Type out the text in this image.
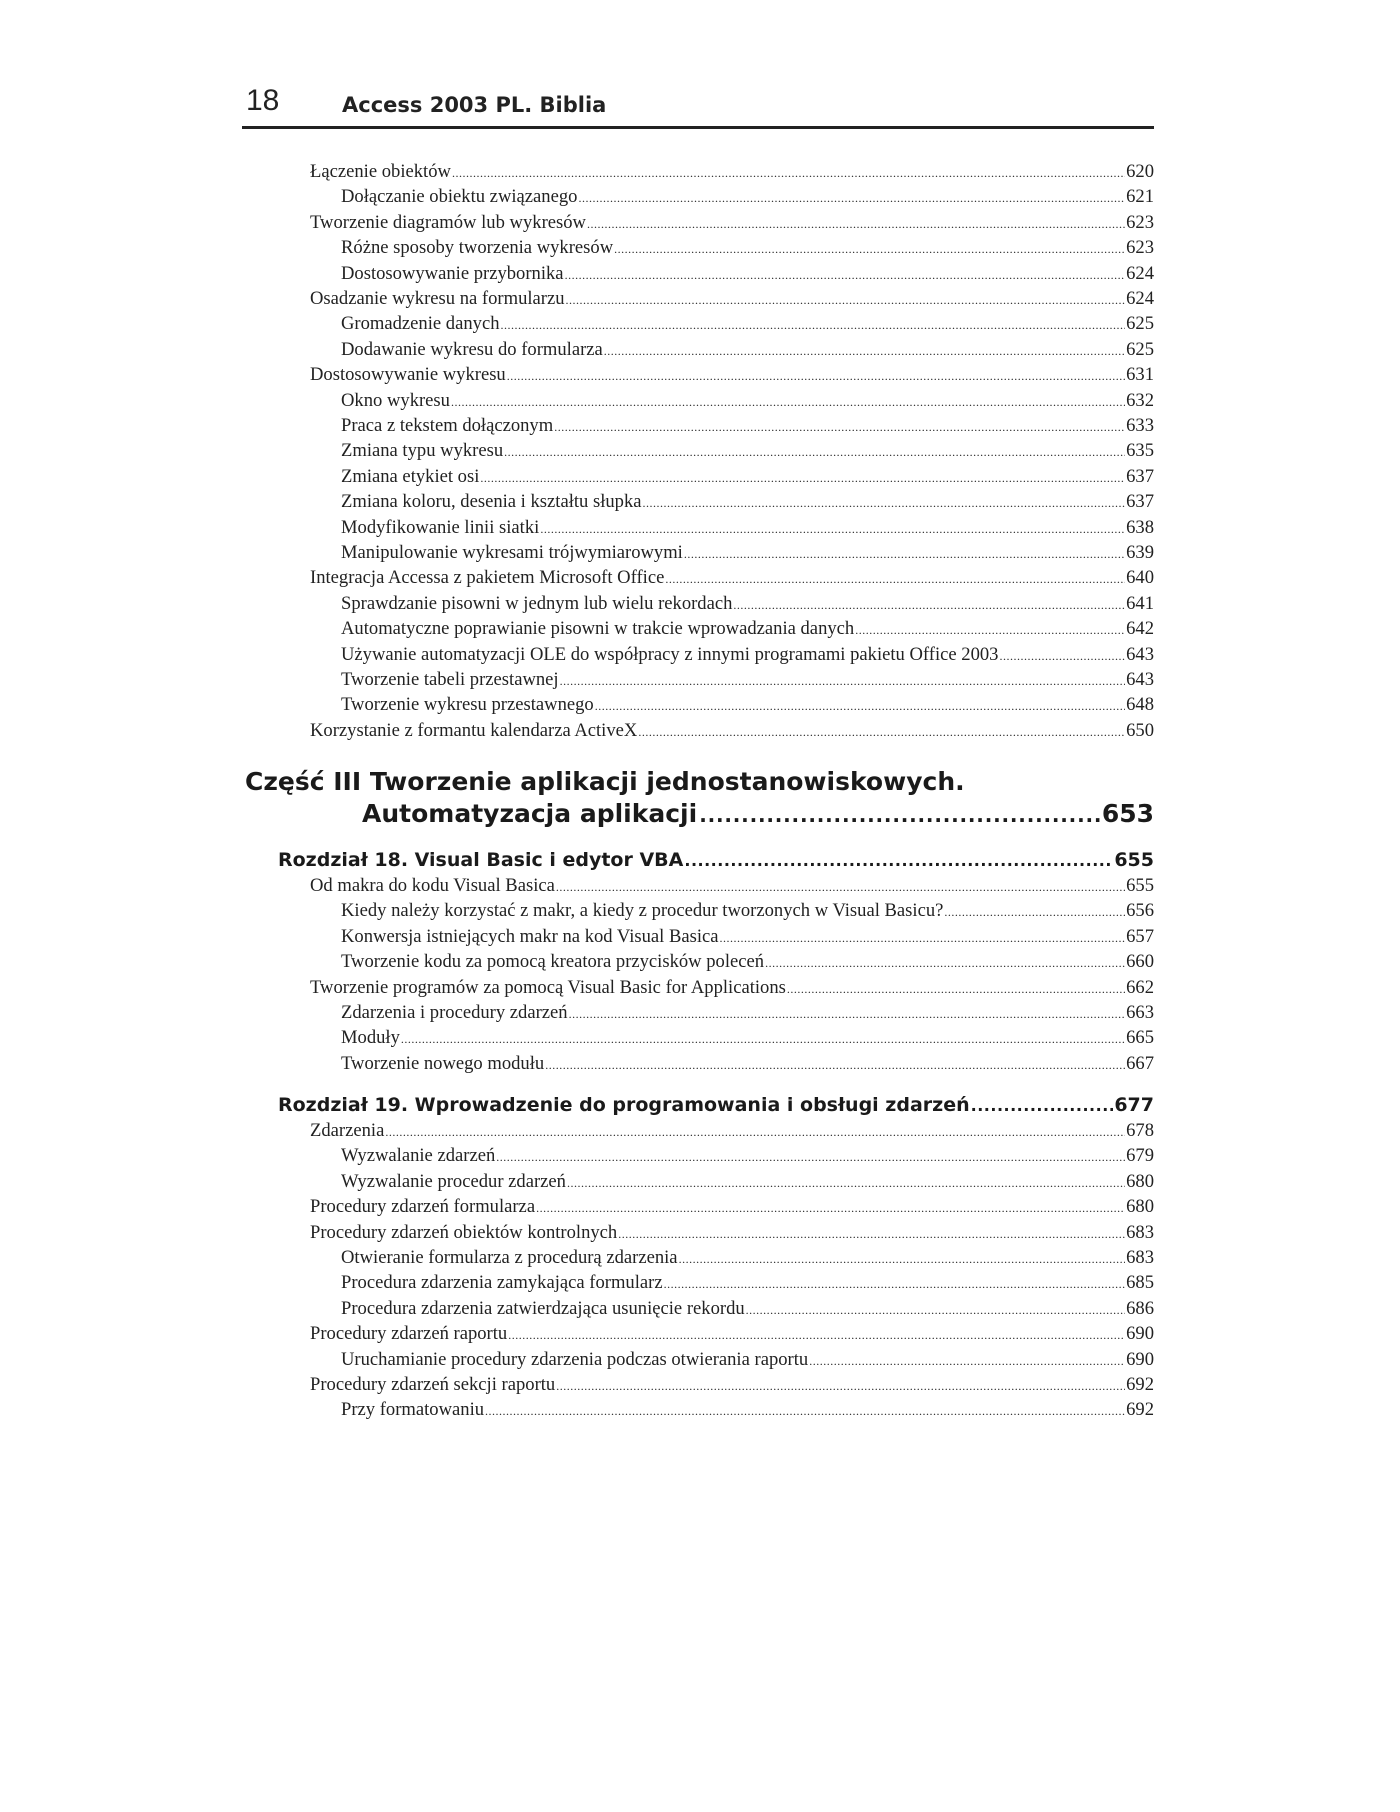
18	Access 2003 PL. Biblia
Łączenie obiektów .....	620
Dołączanie obiektu związanego .....	621
Tworzenie diagramów lub wykresów .....	623
Różne sposoby tworzenia wykresów .....	623
Dostosowywanie przybornika .....	624
Osadzanie wykresu na formularzu .....	624
Gromadzenie danych .....	625
Dodawanie wykresu do formularza .....	625
Dostosowywanie wykresu .....	631
Okno wykresu .....	632
Praca z tekstem dołączonym .....	633
Zmiana typu wykresu .....	635
Zmiana etykiet osi .....	637
Zmiana koloru, desenia i kształtu słupka .....	637
Modyfikowanie linii siatki .....	638
Manipulowanie wykresami trójwymiarowymi .....	639
Integracja Accessa z pakietem Microsoft Office .....	640
Sprawdzanie pisowni w jednym lub wielu rekordach .....	641
Automatyczne poprawianie pisowni w trakcie wprowadzania danych .....	642
Używanie automatyzacji OLE do współpracy z innymi programami pakietu Office 2003 .....	643
Tworzenie tabeli przestawnej .....	643
Tworzenie wykresu przestawnego .....	648
Korzystanie z formantu kalendarza ActiveX .....	650
Część III Tworzenie aplikacji jednostanowiskowych.
Automatyzacja aplikacji .....	653
Rozdział 18. Visual Basic i edytor VBA .....	655
Od makra do kodu Visual Basica .....	655
Kiedy należy korzystać z makr, a kiedy z procedur tworzonych w Visual Basicu? .....	656
Konwersja istniejących makr na kod Visual Basica .....	657
Tworzenie kodu za pomocą kreatora przycisków poleceń .....	660
Tworzenie programów za pomocą Visual Basic for Applications .....	662
Zdarzenia i procedury zdarzeń .....	663
Moduły .....	665
Tworzenie nowego modułu .....	667
Rozdział 19. Wprowadzenie do programowania i obsługi zdarzeń .....	677
Zdarzenia .....	678
Wyzwalanie zdarzeń .....	679
Wyzwalanie procedur zdarzeń .....	680
Procedury zdarzeń formularza .....	680
Procedury zdarzeń obiektów kontrolnych .....	683
Otwieranie formularza z procedurą zdarzenia .....	683
Procedura zdarzenia zamykająca formularz .....	685
Procedura zdarzenia zatwierdzająca usunięcie rekordu .....	686
Procedury zdarzeń raportu .....	690
Uruchamianie procedury zdarzenia podczas otwierania raportu .....	690
Procedury zdarzeń sekcji raportu .....	692
Przy formatowaniu .....	692
